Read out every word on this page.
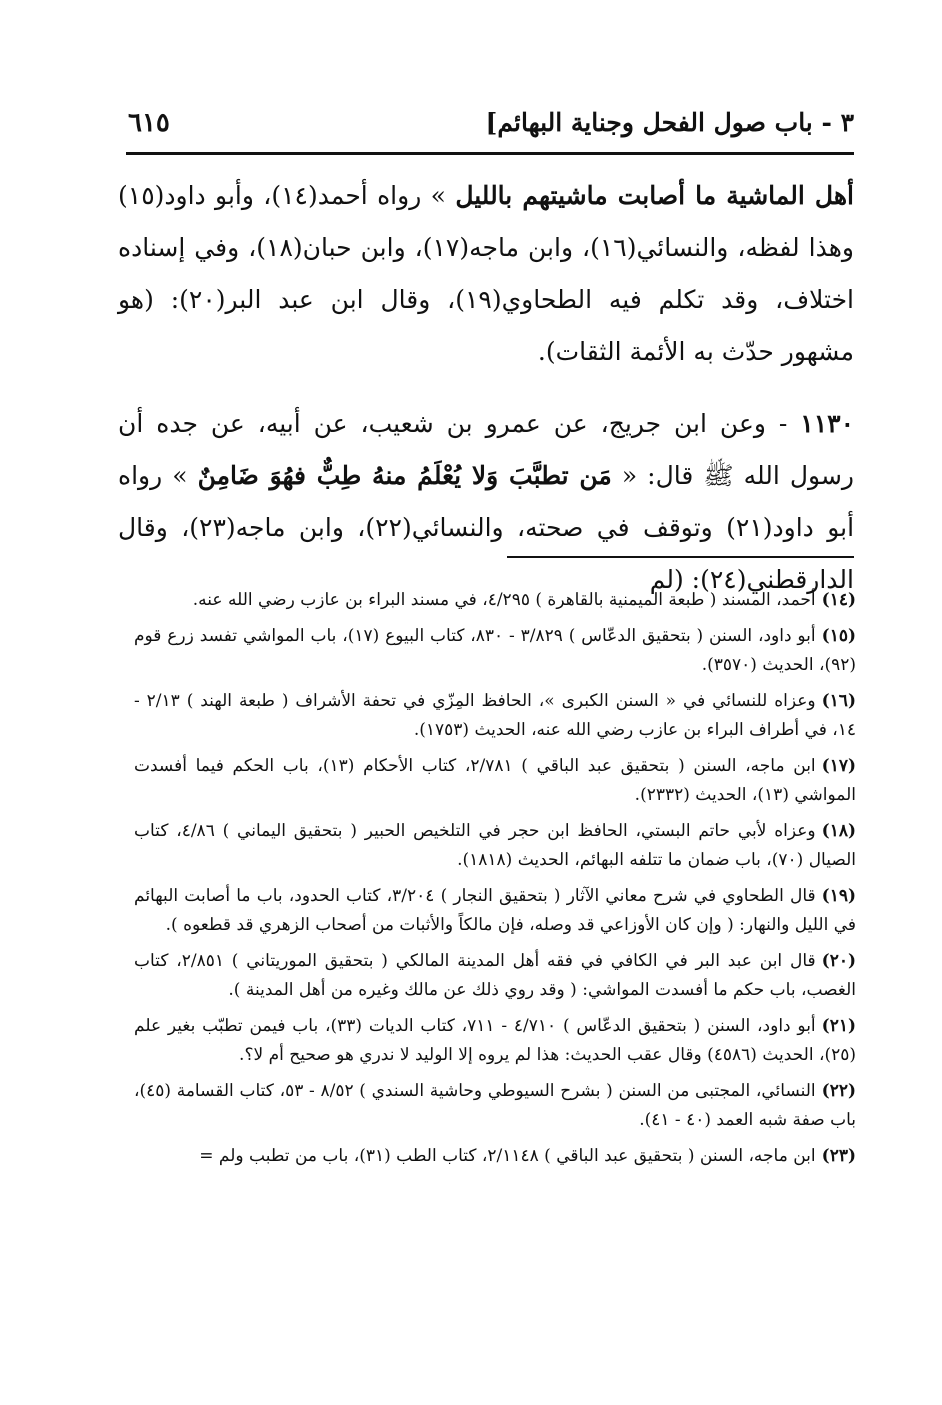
٣ - باب صول الفحل وجناية البهائم]
٦١٥

أهل الماشية ما أصابت ماشيتهم بالليل » رواه أحمد(١٤)، وأبو داود(١٥) وهذا لفظه، والنسائي(١٦)، وابن ماجه(١٧)، وابن حبان(١٨)، وفي إسناده اختلاف، وقد تكلم فيه الطحاوي(١٩)، وقال ابن عبد البر(٢٠): (هو مشهور حدّث به الأئمة الثقات).

١١٣٠ - وعن ابن جريج، عن عمرو بن شعيب، عن أبيه، عن جده أن رسول الله ﷺ قال: « مَن تطبَّبَ وَلا يُعْلَمُ منهُ طِبٌّ فهُوَ ضَامِنٌ » رواه أبو داود(٢١) وتوقف في صحته، والنسائي(٢٢)، وابن ماجه(٢٣)، وقال الدارقطني(٢٤): (لم

(١٤)أحمد، المسند ( طبعة الميمنية بالقاهرة ) ٤/٢٩٥، في مسند البراء بن عازب رضي الله عنه.
(١٥)أبو داود، السنن ( بتحقيق الدعّاس ) ٣/٨٢٩ - ٨٣٠، كتاب البيوع (١٧)، باب المواشي تفسد زرع قوم (٩٢)، الحديث (٣٥٧٠).
(١٦)وعزاه للنسائي في « السنن الكبرى »، الحافظ المِزّي في تحفة الأشراف ( طبعة الهند ) ٢/١٣ - ١٤، في أطراف البراء بن عازب رضي الله عنه، الحديث (١٧٥٣).
(١٧)ابن ماجه، السنن ( بتحقيق عبد الباقي ) ٢/٧٨١، كتاب الأحكام (١٣)، باب الحكم فيما أفسدت المواشي (١٣)، الحديث (٢٣٣٢).
(١٨)وعزاه لأبي حاتم البستي، الحافظ ابن حجر في التلخيص الحبير ( بتحقيق اليماني ) ٤/٨٦، كتاب الصيال (٧٠)، باب ضمان ما تتلفه البهائم، الحديث (١٨١٨).
(١٩)قال الطحاوي في شرح معاني الآثار ( بتحقيق النجار ) ٣/٢٠٤، كتاب الحدود، باب ما أصابت البهائم في الليل والنهار: ( وإن كان الأوزاعي قد وصله، فإن مالكاً والأثبات من أصحاب الزهري قد قطعوه ).
(٢٠)قال ابن عبد البر في الكافي في فقه أهل المدينة المالكي ( بتحقيق الموريتاني ) ٢/٨٥١، كتاب الغصب، باب حكم ما أفسدت المواشي: ( وقد روي ذلك عن مالك وغيره من أهل المدينة ).
(٢١)أبو داود، السنن ( بتحقيق الدعّاس ) ٤/٧١٠ - ٧١١، كتاب الديات (٣٣)، باب فيمن تطبّب بغير علم (٢٥)، الحديث (٤٥٨٦) وقال عقب الحديث: هذا لم يروه إلا الوليد لا ندري هو صحيح أم لا؟.
(٢٢)النسائي، المجتبى من السنن ( بشرح السيوطي وحاشية السندي ) ٨/٥٢ - ٥٣، كتاب القسامة (٤٥)، باب صفة شبه العمد (٤٠ - ٤١).
(٢٣)ابن ماجه، السنن ( بتحقيق عبد الباقي ) ٢/١١٤٨، كتاب الطب (٣١)، باب من تطبب ولم =
